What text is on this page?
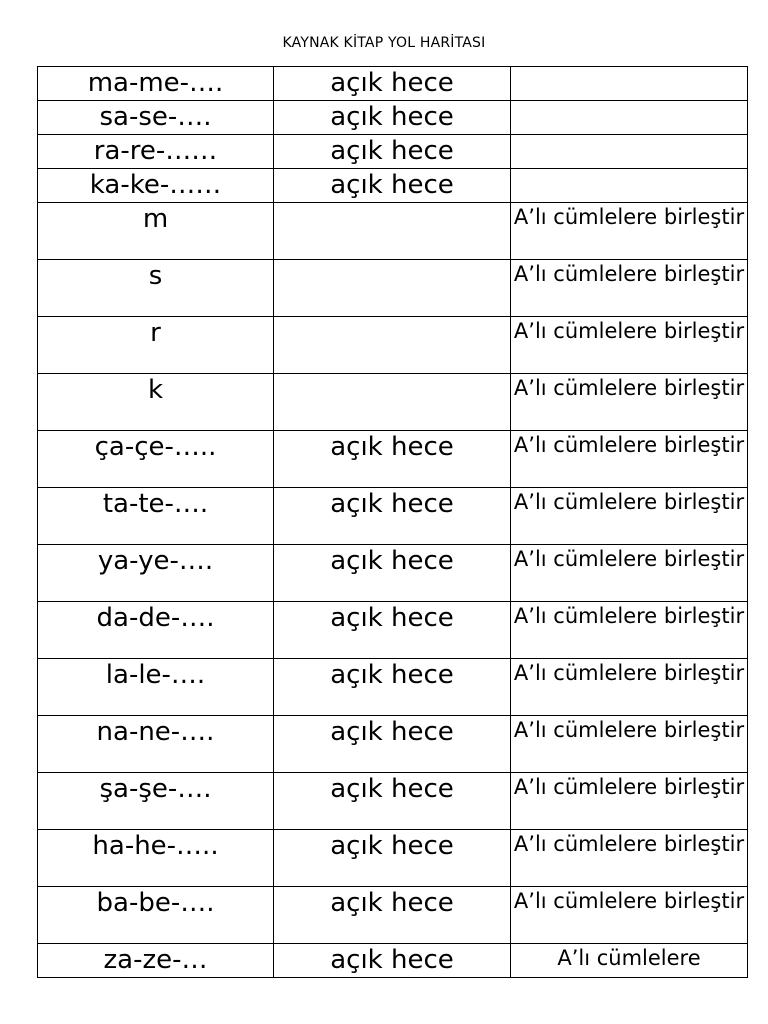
KAYNAK KİTAP YOL HARİTASI
ma-me-….	açık hece	

sa-se-….	açık hece	

ra-re-……	açık hece	

ka-ke-……	açık hece	

m		A’lı cümlelere birleştir

s		A’lı cümlelere birleştir

r		A’lı cümlelere birleştir

k		A’lı cümlelere birleştir

ça-çe-…..	açık hece	A’lı cümlelere birleştir

ta-te-….	açık hece	A’lı cümlelere birleştir

ya-ye-….	açık hece	A’lı cümlelere birleştir

da-de-….	açık hece	A’lı cümlelere birleştir

la-le-….	açık hece	A’lı cümlelere birleştir

na-ne-….	açık hece	A’lı cümlelere birleştir

şa-şe-….	açık hece	A’lı cümlelere birleştir

ha-he-…..	açık hece	A’lı cümlelere birleştir

ba-be-….	açık hece	A’lı cümlelere birleştir

za-ze-…	açık hece	A’lı cümlelere
